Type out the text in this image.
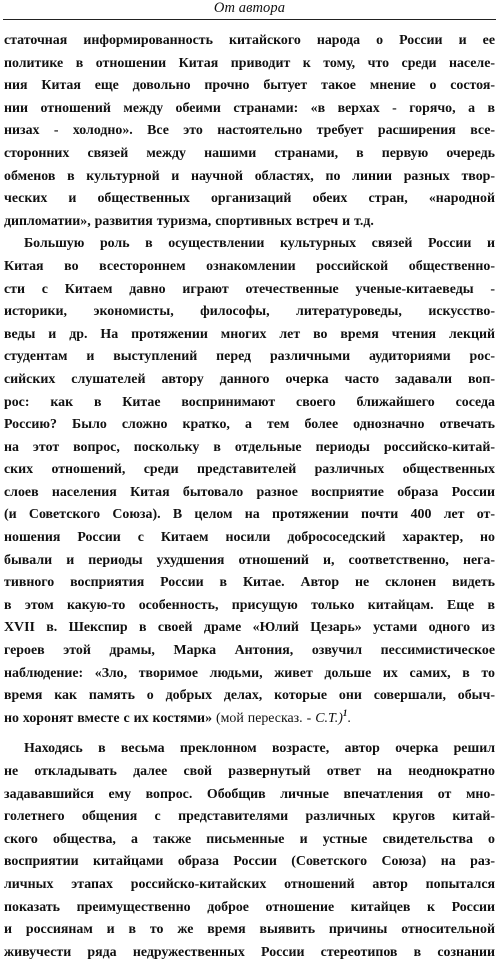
От автора
статочная информированность китайского народа о России и ее
политике в отношении Китая приводит к тому, что среди населе-
ния Китая еще довольно прочно бытует такое мнение о состоя-
нии отношений между обеими странами: «в верхах - горячо, а в
низах - холодно». Все это настоятельно требует расширения все-
сторонних связей между нашими странами, в первую очередь
обменов в культурной и научной областях, по линии разных твор-
ческих и общественных организаций обеих стран, «народной
дипломатии», развития туризма, спортивных встреч и т.д.
Большую роль в осуществлении культурных связей России и
Китая во всестороннем ознакомлении российской общественно-
сти с Китаем давно играют отечественные ученые-китаеведы -
историки, экономисты, философы, литературоведы, искусство-
веды и др. На протяжении многих лет во время чтения лекций
студентам и выступлений перед различными аудиториями рос-
сийских слушателей автору данного очерка часто задавали воп-
рос: как в Китае воспринимают своего ближайшего соседа
Россию? Было сложно кратко, а тем более однозначно отвечать
на этот вопрос, поскольку в отдельные периоды российско-китай-
ских отношений, среди представителей различных общественных
слоев населения Китая бытовало разное восприятие образа России
(и Советского Союза). В целом на протяжении почти 400 лет от-
ношения России с Китаем носили добрососедский характер, но
бывали и периоды ухудшения отношений и, соответственно, нега-
тивного восприятия России в Китае. Автор не склонен видеть
в этом какую-то особенность, присущую только китайцам. Еще в
XVII в. Шекспир в своей драме «Юлий Цезарь» устами одного из
героев этой драмы, Марка Антония, озвучил пессимистическое
наблюдение: «Зло, творимое людьми, живет дольше их самих, в то
время как память о добрых делах, которые они совершали, обыч-
но хоронят вместе с их костями» (мой пересказ. - С.Т.)$^1$.
Находясь в весьма преклонном возрасте, автор очерка решил
не откладывать далее свой развернутый ответ на неоднократно
задававшийся ему вопрос. Обобщив личные впечатления от мно-
голетнего общения с представителями различных кругов китай-
ского общества, а также письменные и устные свидетельства о
восприятии китайцами образа России (Советского Союза) на раз-
личных этапах российско-китайских отношений автор попытался
показать преимущественно доброе отношение китайцев к России
и россиянам и в то же время выявить причины относительной
живучести ряда недружественных России стереотипов в сознании
